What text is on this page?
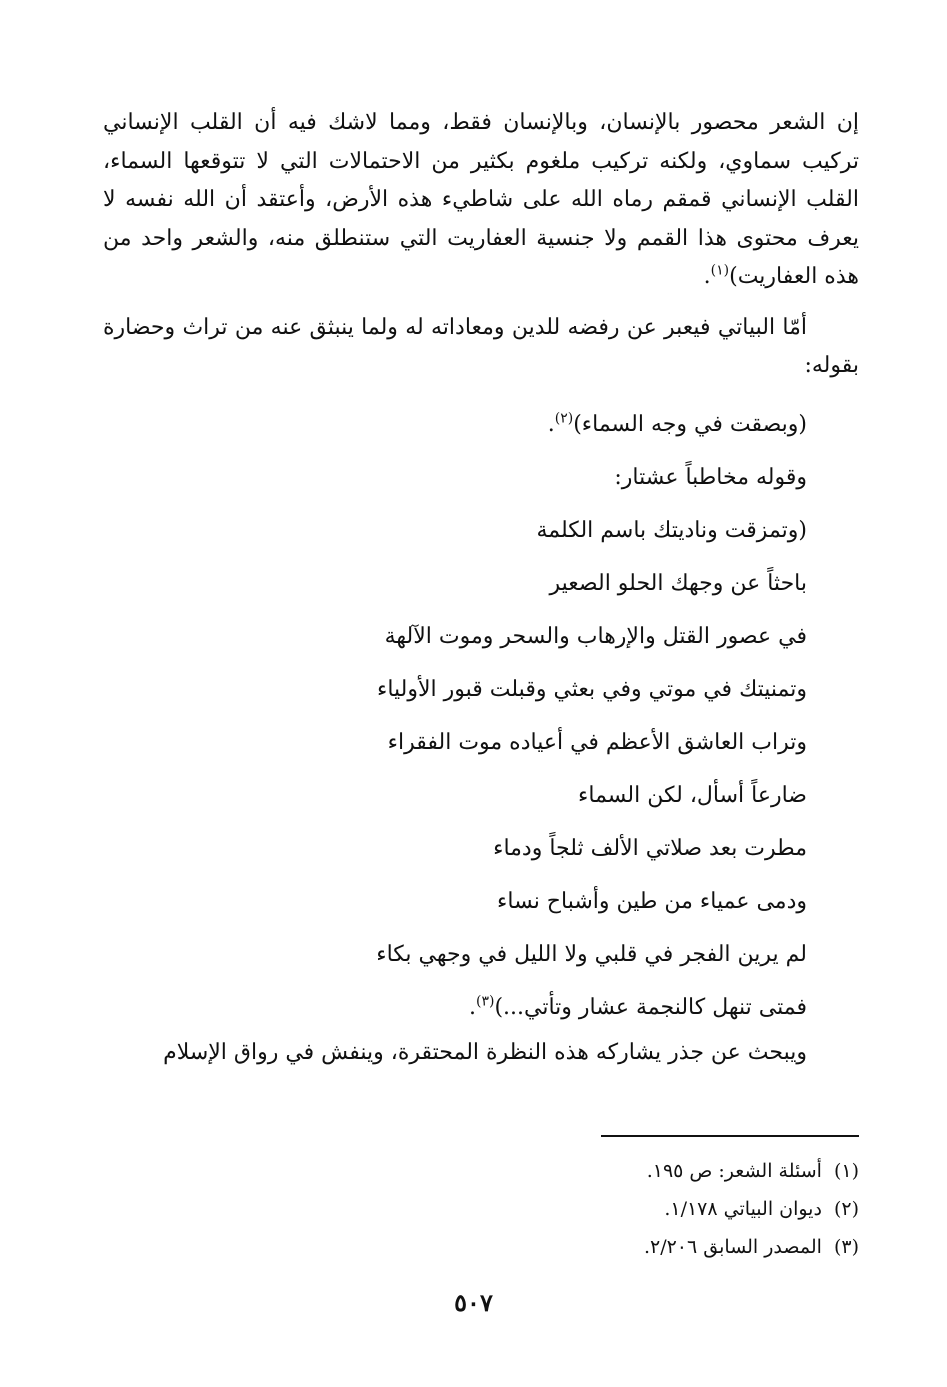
إن الشعر محصور بالإنسان، وبالإنسان فقط، ومما لاشك فيه أن القلب الإنساني تركيب سماوي، ولكنه تركيب ملغوم بكثير من الاحتمالات التي لا تتوقعها السماء، القلب الإنساني قمقم رماه الله على شاطيء هذه الأرض، وأعتقد أن الله نفسه لا يعرف محتوى هذا القمم ولا جنسية العفاريت التي ستنطلق منه، والشعر واحد من هذه العفاريت)$^{(١)}$.

أمّا البياتي فيعبر عن رفضه للدين ومعاداته له ولما ينبثق عنه من تراث وحضارة بقوله:

(وبصقت في وجه السماء)$^{(٢)}$.
وقوله مخاطباً عشتار:
(وتمزقت وناديتك باسم الكلمة
باحثاً عن وجهك الحلو الصعير
في عصور القتل والإرهاب والسحر وموت الآلهة
وتمنيتك في موتي وفي بعثي وقبلت قبور الأولياء
وتراب العاشق الأعظم في أعياده موت الفقراء
ضارعاً أسأل، لكن السماء
مطرت بعد صلاتي الألف ثلجاً ودماء
ودمى عمياء من طين وأشباح نساء
لم يرين الفجر في قلبي ولا الليل في وجهي بكاء
فمتى تنهل كالنجمة عشار وتأتي...)$^{(٣)}$.

ويبحث عن جذر يشاركه هذه النظرة المحتقرة، وينفش في رواق الإسلام

(١)أسئلة الشعر: ص ١٩٥.
(٢)ديوان البياتي ١/١٧٨.
(٣)المصدر السابق ٢/٢٠٦.
٥٠٧
